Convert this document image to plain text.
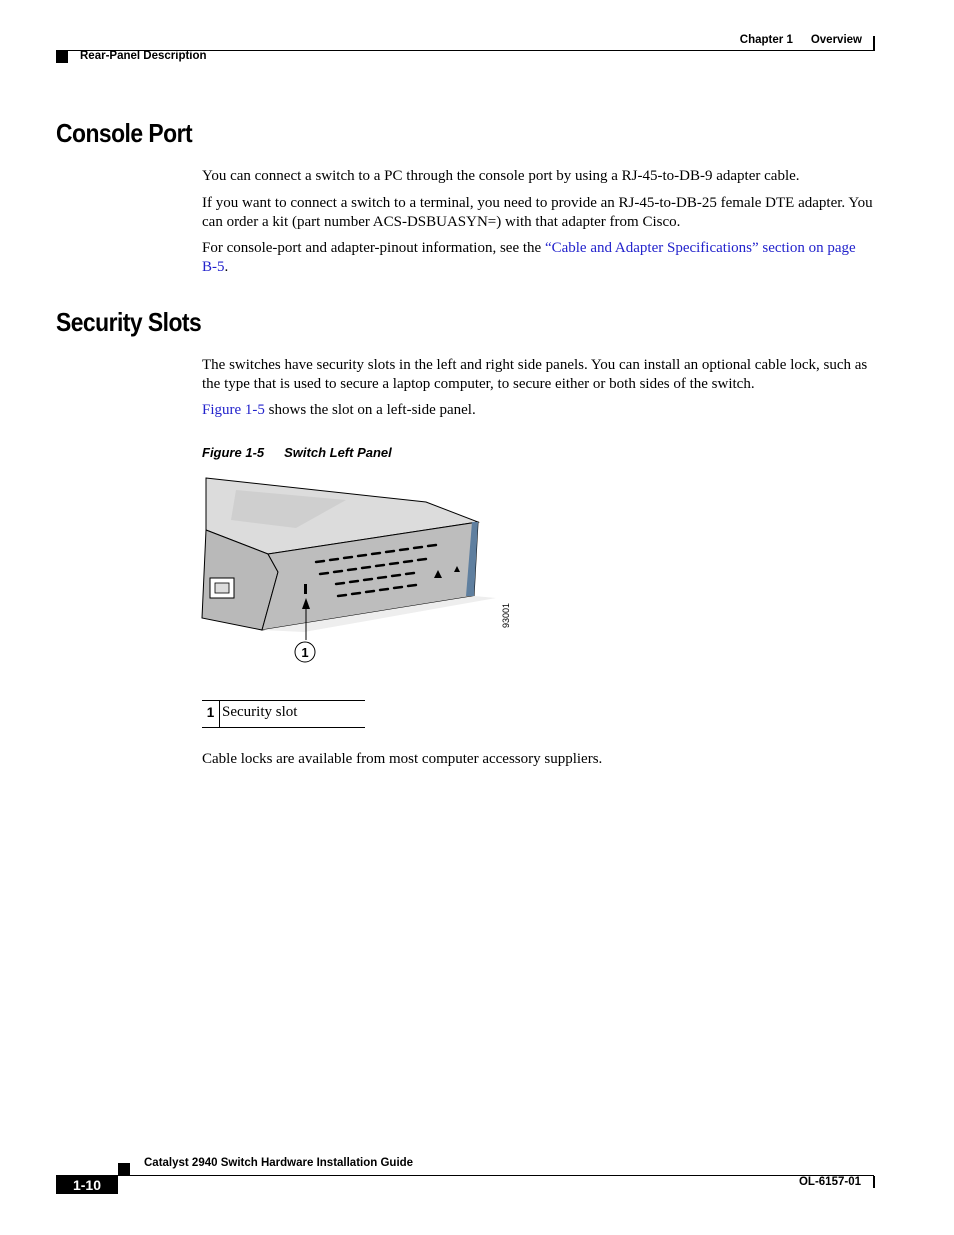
Chapter 1 Overview
Rear-Panel Description
Console Port

You can connect a switch to a PC through the console port by using a RJ-45-to-DB-9 adapter cable.

If you want to connect a switch to a terminal, you need to provide an RJ-45-to-DB-25 female DTE adapter. You can order a kit (part number ACS-DSBUASYN=) with that adapter from Cisco.

For console-port and adapter-pinout information, see the “Cable and Adapter Specifications” section on page B-5.

Security Slots

The switches have security slots in the left and right side panels. You can install an optional cable lock, such as the type that is used to secure a laptop computer, to secure either or both sides of the switch.

Figure 1-5 shows the slot on a left-side panel.

Figure 1-5 Switch Left Panel
1
93001
1 Security slot

Cable locks are available from most computer accessory suppliers.

Catalyst 2940 Switch Hardware Installation Guide
1-10	OL-6157-01
